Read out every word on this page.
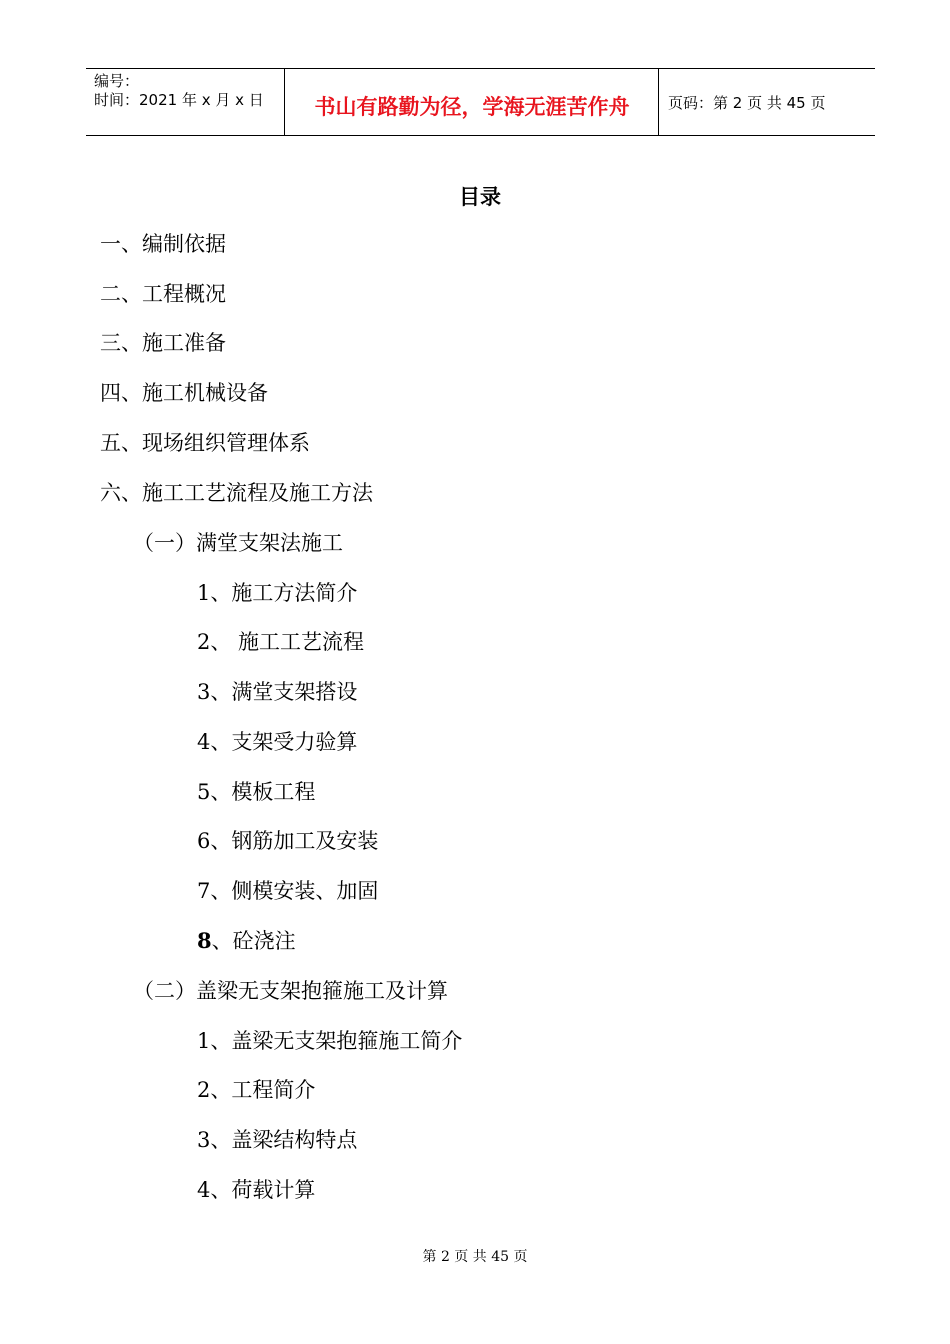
编号：
时间：2021 年 x 月 x 日	书山有路勤为径，学海无涯苦作舟	页码：第 2 页 共 45 页
目录
一、编制依据
二、工程概况
三、施工准备
四、施工机械设备
五、现场组织管理体系
六、施工工艺流程及施工方法
（一）满堂支架法施工
1、施工方法简介
2、 施工工艺流程
3、满堂支架搭设
4、支架受力验算
5、模板工程
6、钢筋加工及安装
7、侧模安装、加固
8、砼浇注
（二）盖梁无支架抱箍施工及计算
1、盖梁无支架抱箍施工简介
2、工程简介
3、盖梁结构特点
4、荷载计算
第 2 页 共 45 页
